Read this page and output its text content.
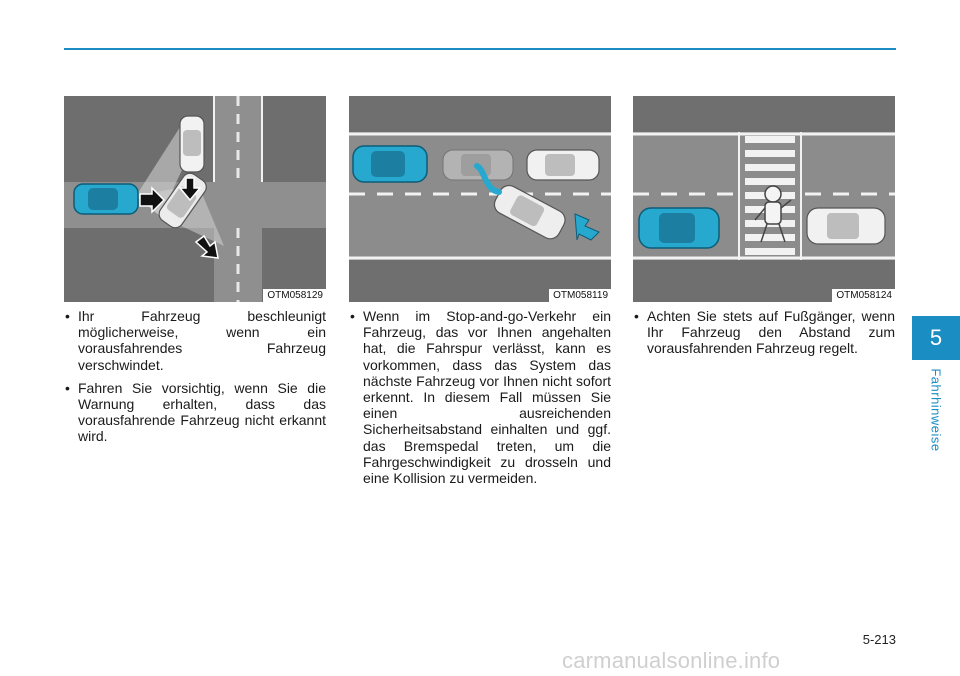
OTM058129	OTM058119	OTM058124

• Ihr Fahrzeug beschleunigt möglicherweise, wenn ein vorausfahrendes Fahrzeug verschwindet.

• Fahren Sie vorsichtig, wenn Sie die Warnung erhalten, dass das vorausfahrende Fahrzeug nicht erkannt wird.

• Wenn im Stop-and-go-Verkehr ein Fahrzeug, das vor Ihnen angehalten hat, die Fahrspur verlässt, kann es vorkommen, dass das System das nächste Fahrzeug vor Ihnen nicht sofort erkennt. In diesem Fall müssen Sie einen ausreichenden Sicherheitsabstand einhalten und ggf. das Bremspedal treten, um die Fahrgeschwindigkeit zu drosseln und eine Kollision zu vermeiden.

• Achten Sie stets auf Fußgänger, wenn Ihr Fahrzeug den Abstand zum vorausfahrenden Fahrzeug regelt.	5
Fahrhinweise
5-213
carmanualsonline.info
